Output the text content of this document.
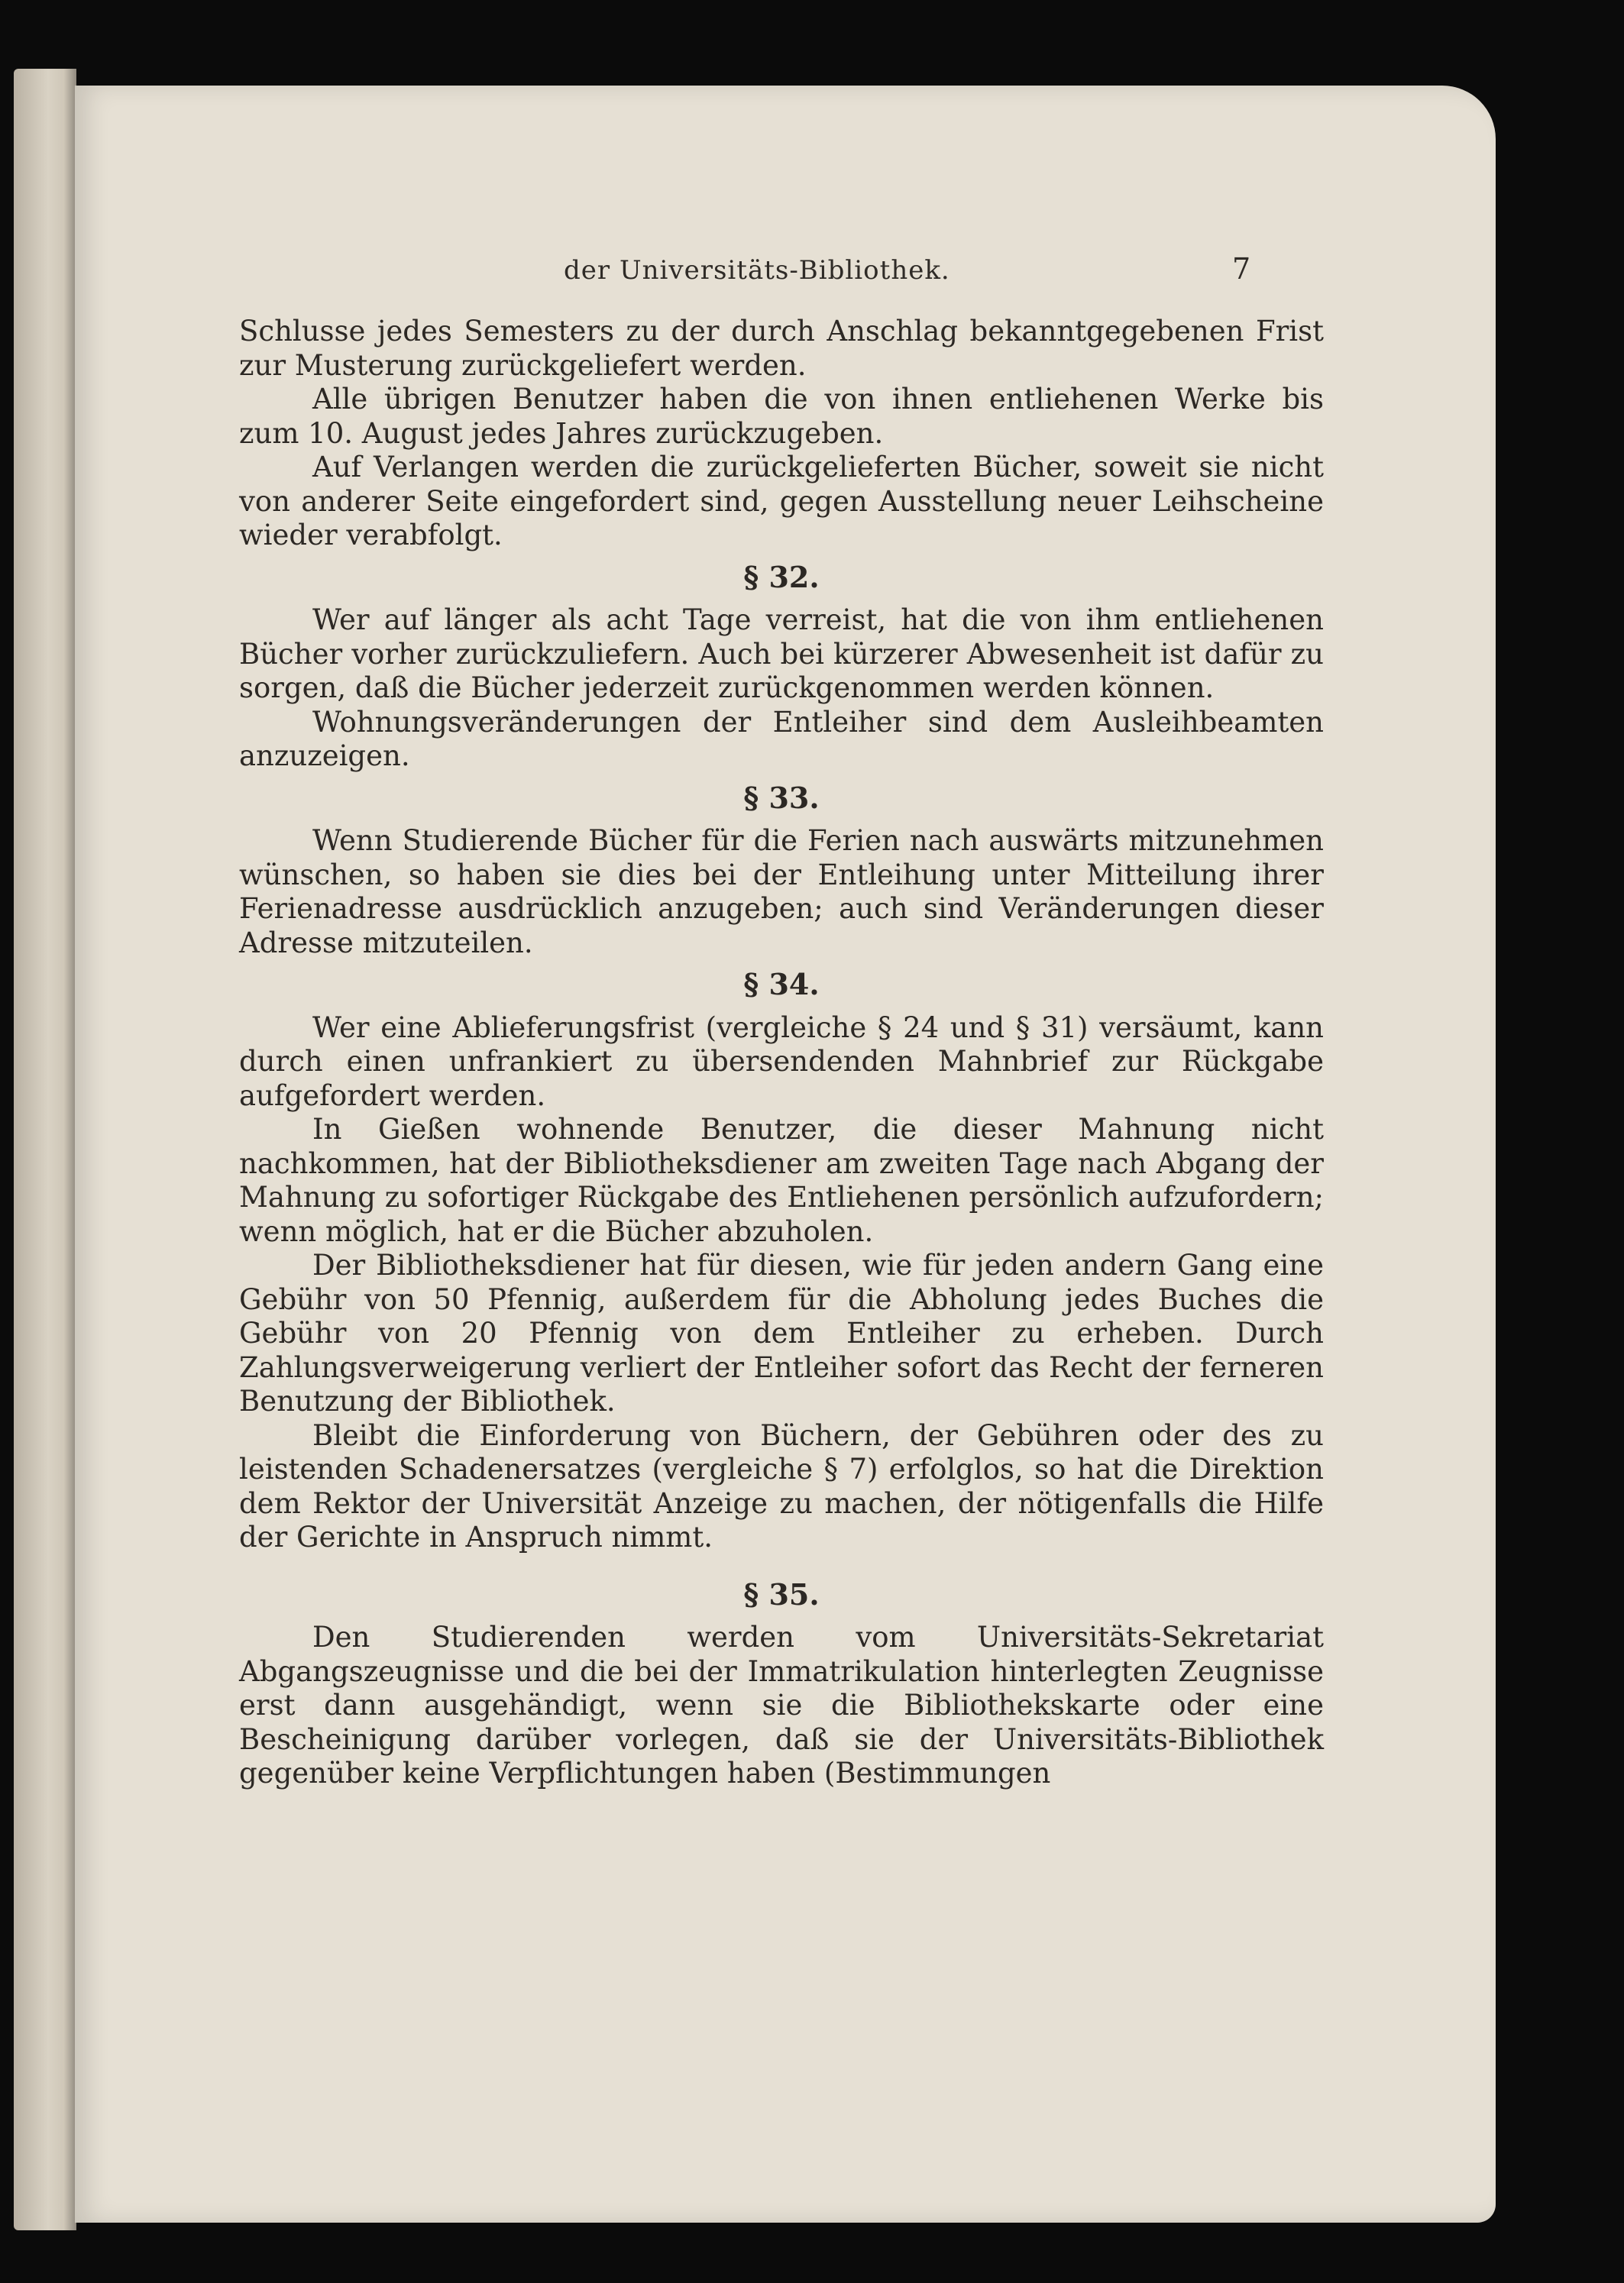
der Universitäts-Bibliothek.	7

Schlusse jedes Semesters zu der durch Anschlag bekanntgegebenen Frist zur Musterung zurückgeliefert werden.

Alle übrigen Benutzer haben die von ihnen entliehenen Werke bis zum 10. August jedes Jahres zurückzugeben.

Auf Verlangen werden die zurückgelieferten Bücher, soweit sie nicht von anderer Seite eingefordert sind, gegen Ausstellung neuer Leihscheine wieder verabfolgt.

§ 32.

Wer auf länger als acht Tage verreist, hat die von ihm entliehenen Bücher vorher zurückzuliefern. Auch bei kürzerer Abwesenheit ist dafür zu sorgen, daß die Bücher jederzeit zurückgenommen werden können.

Wohnungsveränderungen der Entleiher sind dem Ausleihbeamten anzuzeigen.

§ 33.

Wenn Studierende Bücher für die Ferien nach auswärts mitzunehmen wünschen, so haben sie dies bei der Entleihung unter Mitteilung ihrer Ferienadresse ausdrücklich anzugeben; auch sind Veränderungen dieser Adresse mitzuteilen.

§ 34.

Wer eine Ablieferungsfrist (vergleiche § 24 und § 31) versäumt, kann durch einen unfrankiert zu übersendenden Mahnbrief zur Rückgabe aufgefordert werden.

In Gießen wohnende Benutzer, die dieser Mahnung nicht nachkommen, hat der Bibliotheksdiener am zweiten Tage nach Abgang der Mahnung zu sofortiger Rückgabe des Entliehenen persönlich aufzufordern; wenn möglich, hat er die Bücher abzuholen.

Der Bibliotheksdiener hat für diesen, wie für jeden andern Gang eine Gebühr von 50 Pfennig, außerdem für die Abholung jedes Buches die Gebühr von 20 Pfennig von dem Entleiher zu erheben. Durch Zahlungsverweigerung verliert der Entleiher sofort das Recht der ferneren Benutzung der Bibliothek.

Bleibt die Einforderung von Büchern, der Gebühren oder des zu leistenden Schadenersatzes (vergleiche § 7) erfolglos, so hat die Direktion dem Rektor der Universität Anzeige zu machen, der nötigenfalls die Hilfe der Gerichte in Anspruch nimmt.

§ 35.

Den Studierenden werden vom Universitäts-Sekretariat Abgangszeugnisse und die bei der Immatrikulation hinterlegten Zeugnisse erst dann ausgehändigt, wenn sie die Bibliothekskarte oder eine Bescheinigung darüber vorlegen, daß sie der Universitäts-Bibliothek gegenüber keine Verpflichtungen haben (Bestimmungen
